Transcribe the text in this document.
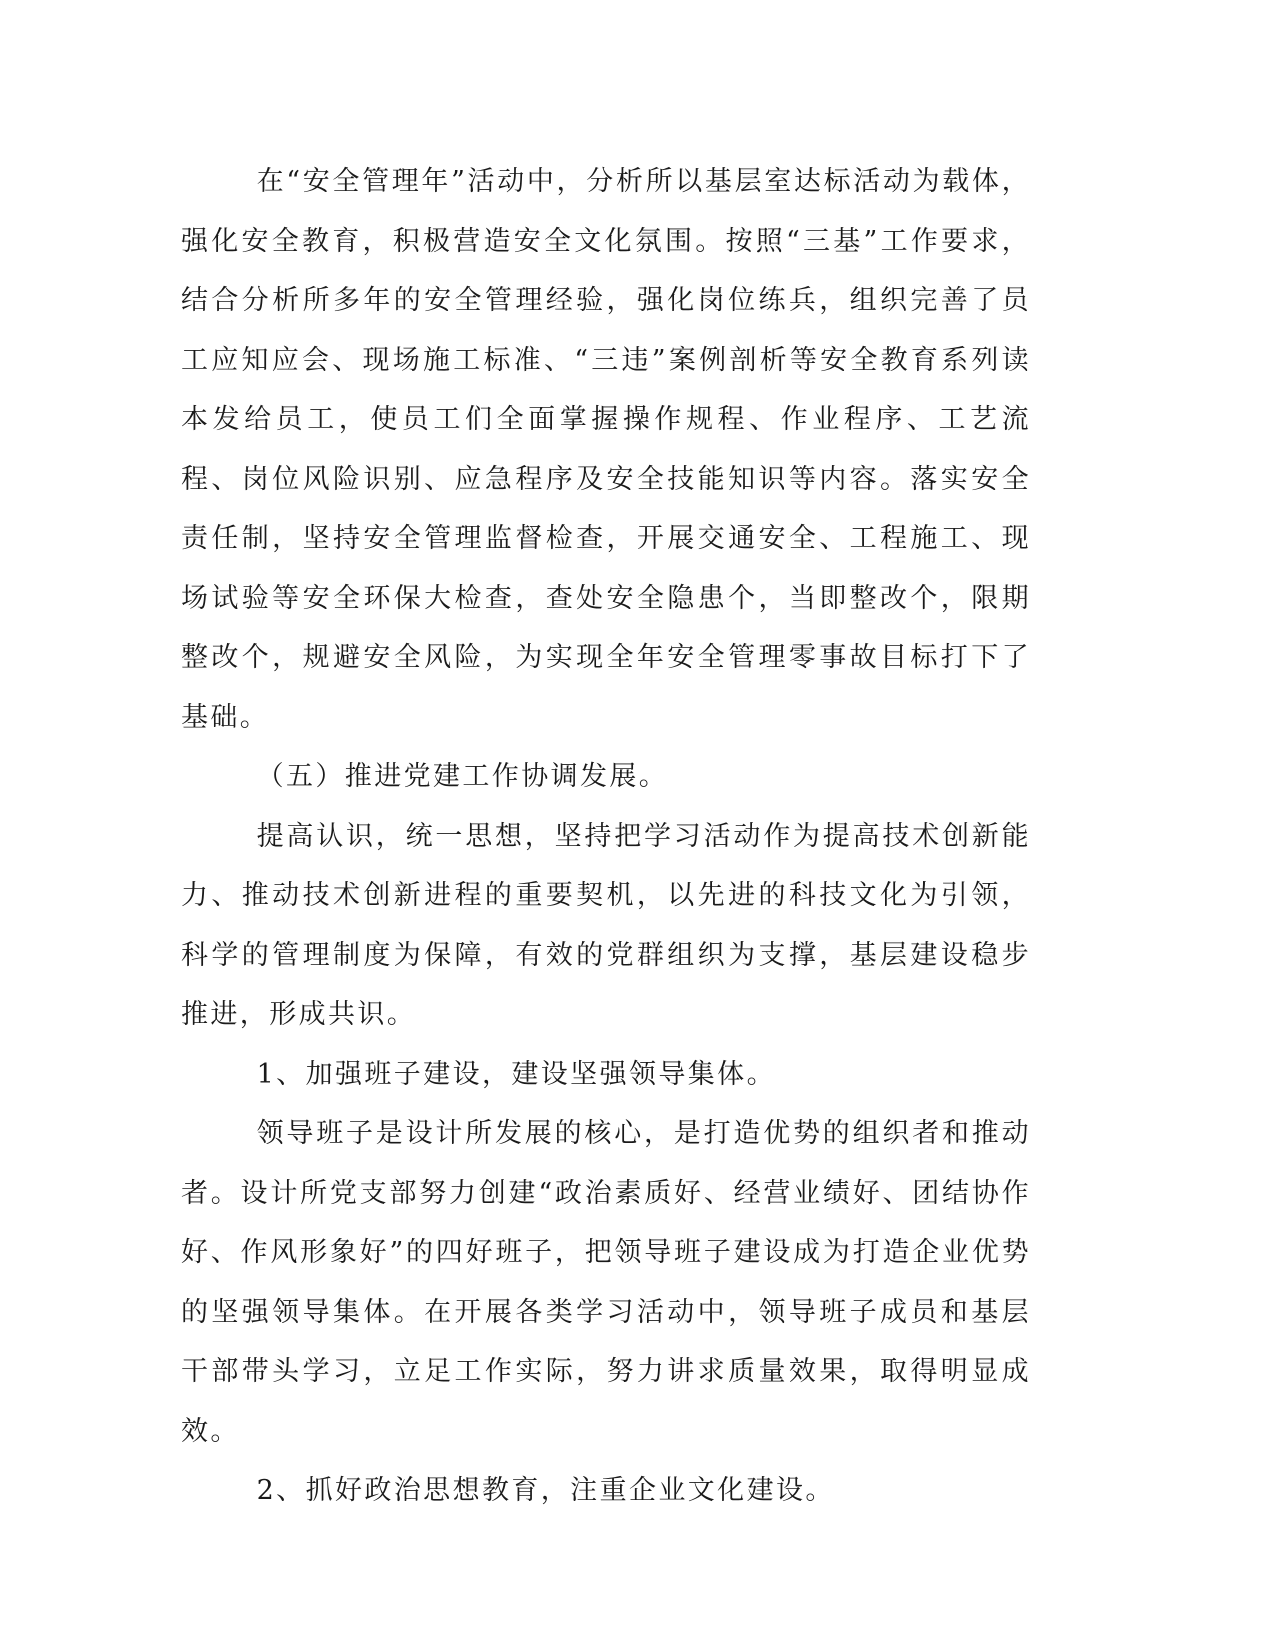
在“安全管理年”活动中，分析所以基层室达标活动为载体，强化安全教育，积极营造安全文化氛围。按照“三基”工作要求，结合分析所多年的安全管理经验，强化岗位练兵，组织完善了员工应知应会、现场施工标准、“三违”案例剖析等安全教育系列读本发给员工，使员工们全面掌握操作规程、作业程序、工艺流程、岗位风险识别、应急程序及安全技能知识等内容。落实安全责任制，坚持安全管理监督检查，开展交通安全、工程施工、现场试验等安全环保大检查，查处安全隐患个，当即整改个，限期整改个，规避安全风险，为实现全年安全管理零事故目标打下了基础。

（五）推进党建工作协调发展。

提高认识，统一思想，坚持把学习活动作为提高技术创新能力、推动技术创新进程的重要契机，以先进的科技文化为引领，科学的管理制度为保障，有效的党群组织为支撑，基层建设稳步推进，形成共识。

1、加强班子建设，建设坚强领导集体。

领导班子是设计所发展的核心，是打造优势的组织者和推动者。设计所党支部努力创建“政治素质好、经营业绩好、团结协作好、作风形象好”的四好班子，把领导班子建设成为打造企业优势的坚强领导集体。在开展各类学习活动中，领导班子成员和基层干部带头学习，立足工作实际，努力讲求质量效果，取得明显成效。

2、抓好政治思想教育，注重企业文化建设。
